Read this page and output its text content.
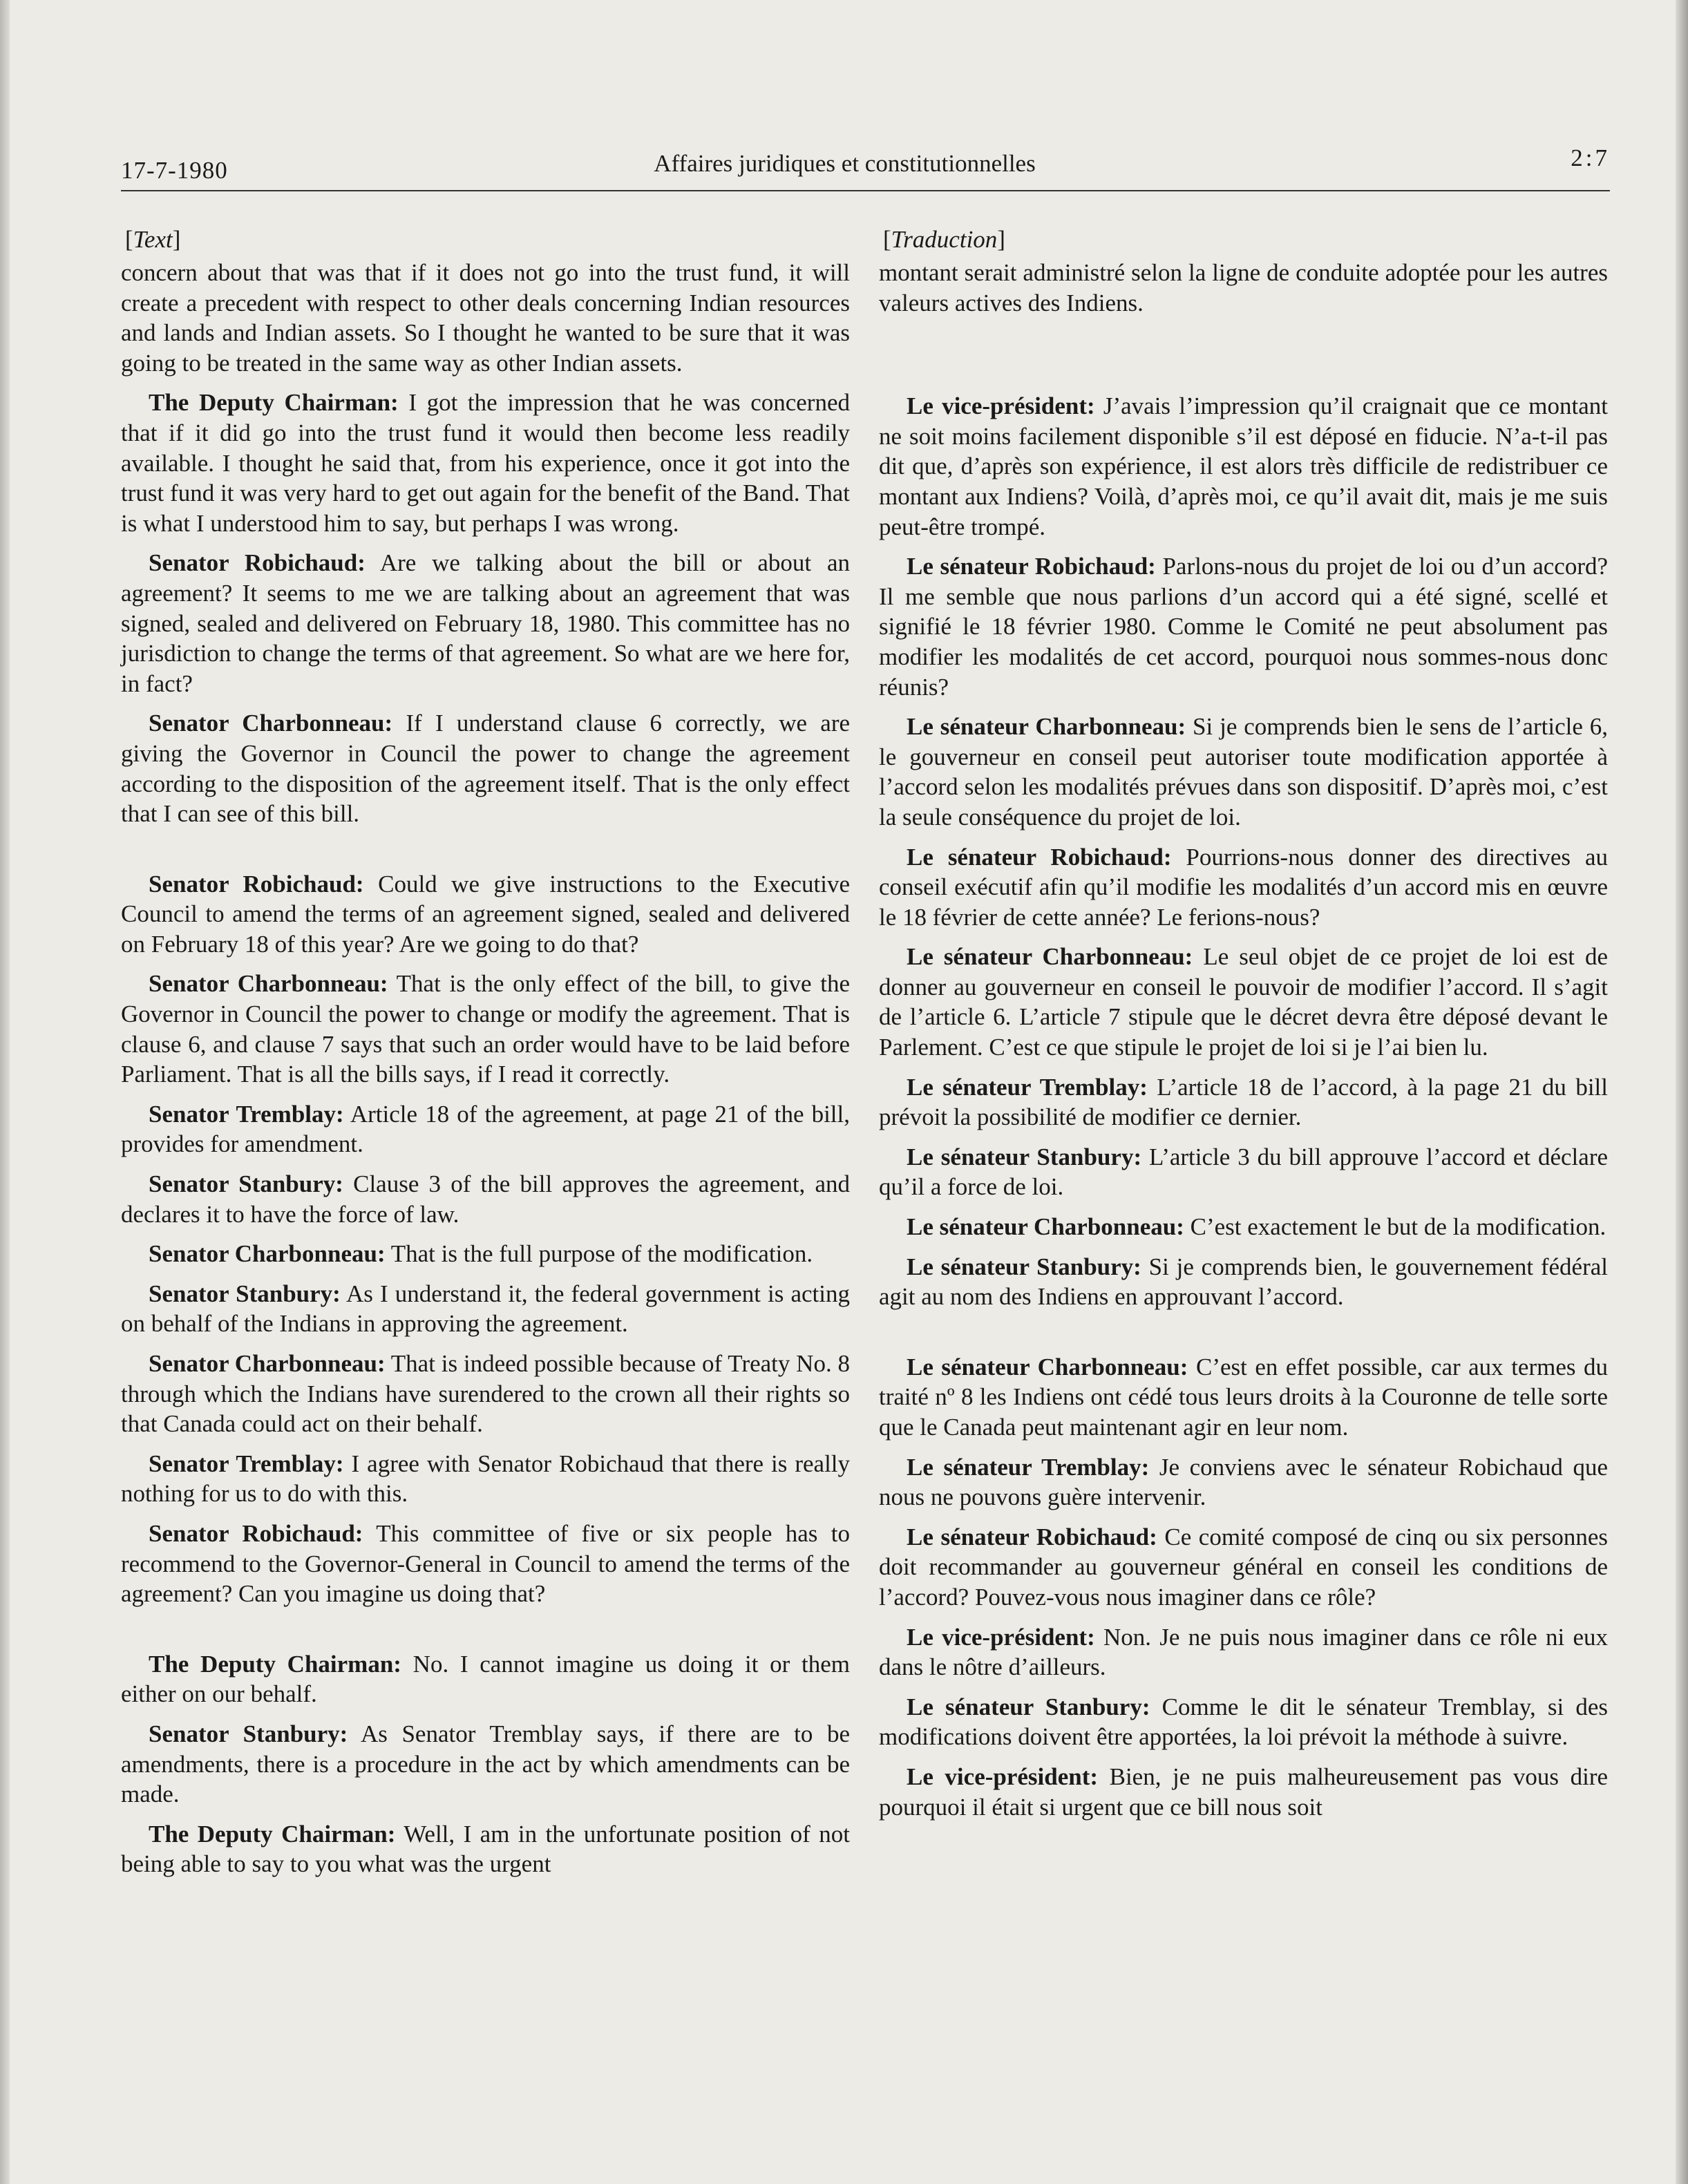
17-7-1980	Affaires juridiques et constitutionnelles	2:7
[Text]

concern about that was that if it does not go into the trust fund, it will create a precedent with respect to other deals concerning Indian resources and lands and Indian assets. So I thought he wanted to be sure that it was going to be treated in the same way as other Indian assets.

The Deputy Chairman: I got the impression that he was concerned that if it did go into the trust fund it would then become less readily available. I thought he said that, from his experience, once it got into the trust fund it was very hard to get out again for the benefit of the Band. That is what I understood him to say, but perhaps I was wrong.

Senator Robichaud: Are we talking about the bill or about an agreement? It seems to me we are talking about an agreement that was signed, sealed and delivered on February 18, 1980. This committee has no jurisdiction to change the terms of that agreement. So what are we here for, in fact?

Senator Charbonneau: If I understand clause 6 correctly, we are giving the Governor in Council the power to change the agreement according to the disposition of the agreement itself. That is the only effect that I can see of this bill.

Senator Robichaud: Could we give instructions to the Executive Council to amend the terms of an agreement signed, sealed and delivered on February 18 of this year? Are we going to do that?

Senator Charbonneau: That is the only effect of the bill, to give the Governor in Council the power to change or modify the agreement. That is clause 6, and clause 7 says that such an order would have to be laid before Parliament. That is all the bills says, if I read it correctly.

Senator Tremblay: Article 18 of the agreement, at page 21 of the bill, provides for amendment.

Senator Stanbury: Clause 3 of the bill approves the agreement, and declares it to have the force of law.

Senator Charbonneau: That is the full purpose of the modification.

Senator Stanbury: As I understand it, the federal government is acting on behalf of the Indians in approving the agreement.

Senator Charbonneau: That is indeed possible because of Treaty No. 8 through which the Indians have surendered to the crown all their rights so that Canada could act on their behalf.

Senator Tremblay: I agree with Senator Robichaud that there is really nothing for us to do with this.

Senator Robichaud: This committee of five or six people has to recommend to the Governor-General in Council to amend the terms of the agreement? Can you imagine us doing that?

The Deputy Chairman: No. I cannot imagine us doing it or them either on our behalf.

Senator Stanbury: As Senator Tremblay says, if there are to be amendments, there is a procedure in the act by which amendments can be made.

The Deputy Chairman: Well, I am in the unfortunate position of not being able to say to you what was the urgent

[Traduction]

montant serait administré selon la ligne de conduite adoptée pour les autres valeurs actives des Indiens.

Le vice-président: J’avais l’impression qu’il craignait que ce montant ne soit moins facilement disponible s’il est déposé en fiducie. N’a-t-il pas dit que, d’après son expérience, il est alors très difficile de redistribuer ce montant aux Indiens? Voilà, d’après moi, ce qu’il avait dit, mais je me suis peut-être trompé.

Le sénateur Robichaud: Parlons-nous du projet de loi ou d’un accord? Il me semble que nous parlions d’un accord qui a été signé, scellé et signifié le 18 février 1980. Comme le Comité ne peut absolument pas modifier les modalités de cet accord, pourquoi nous sommes-nous donc réunis?

Le sénateur Charbonneau: Si je comprends bien le sens de l’article 6, le gouverneur en conseil peut autoriser toute modification apportée à l’accord selon les modalités prévues dans son dispositif. D’après moi, c’est la seule conséquence du projet de loi.

Le sénateur Robichaud: Pourrions-nous donner des directives au conseil exécutif afin qu’il modifie les modalités d’un accord mis en œuvre le 18 février de cette année? Le ferions-nous?

Le sénateur Charbonneau: Le seul objet de ce projet de loi est de donner au gouverneur en conseil le pouvoir de modifier l’accord. Il s’agit de l’article 6. L’article 7 stipule que le décret devra être déposé devant le Parlement. C’est ce que stipule le projet de loi si je l’ai bien lu.

Le sénateur Tremblay: L’article 18 de l’accord, à la page 21 du bill prévoit la possibilité de modifier ce dernier.

Le sénateur Stanbury: L’article 3 du bill approuve l’accord et déclare qu’il a force de loi.

Le sénateur Charbonneau: C’est exactement le but de la modification.

Le sénateur Stanbury: Si je comprends bien, le gouvernement fédéral agit au nom des Indiens en approuvant l’accord.

Le sénateur Charbonneau: C’est en effet possible, car aux termes du traité nº 8 les Indiens ont cédé tous leurs droits à la Couronne de telle sorte que le Canada peut maintenant agir en leur nom.

Le sénateur Tremblay: Je conviens avec le sénateur Robichaud que nous ne pouvons guère intervenir.

Le sénateur Robichaud: Ce comité composé de cinq ou six personnes doit recommander au gouverneur général en conseil les conditions de l’accord? Pouvez-vous nous imaginer dans ce rôle?

Le vice-président: Non. Je ne puis nous imaginer dans ce rôle ni eux dans le nôtre d’ailleurs.

Le sénateur Stanbury: Comme le dit le sénateur Tremblay, si des modifications doivent être apportées, la loi prévoit la méthode à suivre.

Le vice-président: Bien, je ne puis malheureusement pas vous dire pourquoi il était si urgent que ce bill nous soit
